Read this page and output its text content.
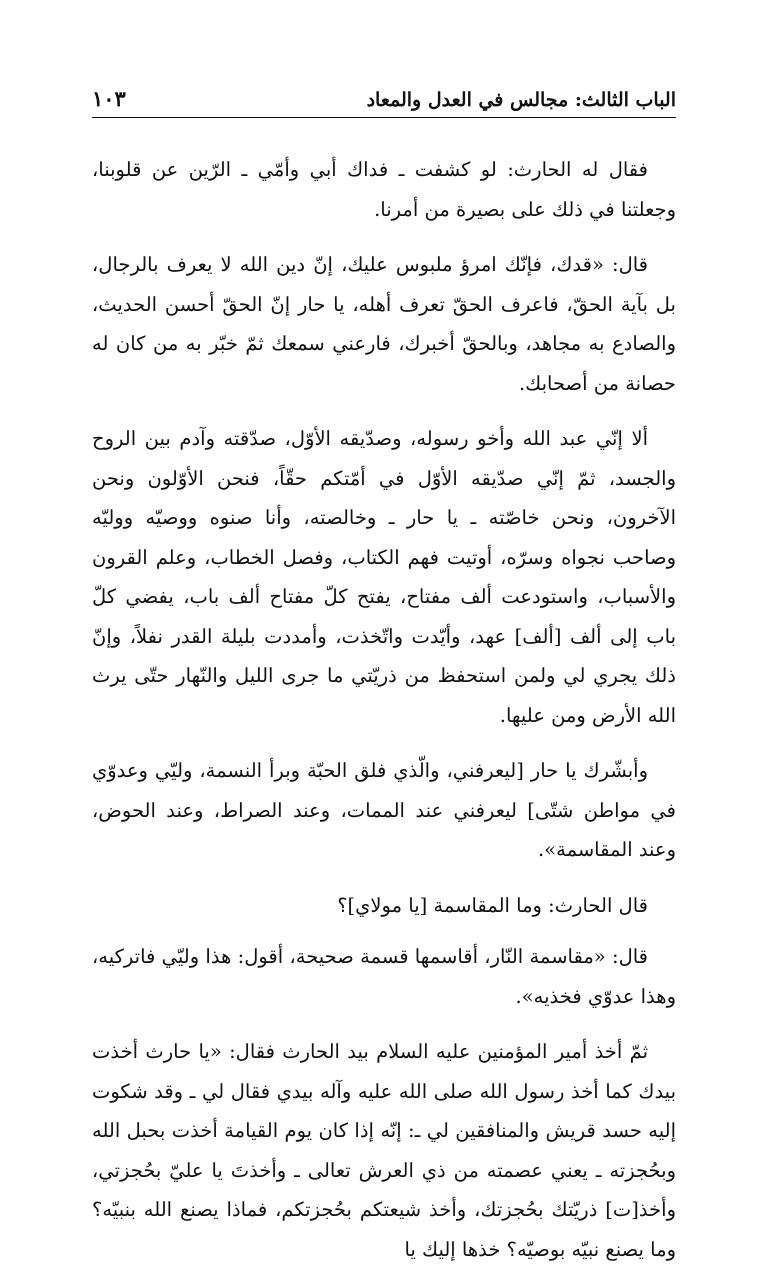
الباب الثالث: مجالس في العدل والمعاد
١٠٣

فقال له الحارث: لو كشفت ـ فداك أبي وأمّي ـ الرّين عن قلوبنا، وجعلتنا في ذلك على بصيرة من أمرنا.

قال: «قدك، فإنّك امرؤ ملبوس عليك، إنّ دين الله لا يعرف بالرجال، بل بآية الحقّ، فاعرف الحقّ تعرف أهله، يا حار إنّ الحقّ أحسن الحديث، والصادع به مجاهد، وبالحقّ أخبرك، فارعني سمعك ثمّ خبّر به من كان له حصانة من أصحابك.

ألا إنّي عبد الله وأخو رسوله، وصدّيقه الأوّل، صدّقته وآدم بين الروح والجسد، ثمّ إنّي صدّيقه الأوّل في أمّتكم حقّاً، فنحن الأوّلون ونحن الآخرون، ونحن خاصّته ـ يا حار ـ وخالصته، وأنا صنوه ووصيّه ووليّه وصاحب نجواه وسرّه، أوتيت فهم الكتاب، وفصل الخطاب، وعلم القرون والأسباب، واستودعت ألف مفتاح، يفتح كلّ مفتاح ألف باب، يفضي كلّ باب إلى ألف [ألف] عهد، وأيّدت واتّخذت، وأمددت بليلة القدر نفلاً، وإنّ ذلك يجري لي ولمن استحفظ من ذريّتي ما جرى الليل والنّهار حتّى يرث الله الأرض ومن عليها.

وأبشّرك يا حار [ليعرفني، والّذي فلق الحبّة وبرأ النسمة، وليّي وعدوّي في مواطن شتّى] ليعرفني عند الممات، وعند الصراط، وعند الحوض، وعند المقاسمة».

قال الحارث: وما المقاسمة [يا مولاي]؟

قال: «مقاسمة النّار، أقاسمها قسمة صحيحة، أقول: هذا وليّي فاتركيه، وهذا عدوّي فخذيه».

ثمّ أخذ أمير المؤمنين عليه السلام بيد الحارث فقال: «يا حارث أخذت بيدك كما أخذ رسول الله صلى الله عليه وآله بيدي فقال لي ـ وقد شكوت إليه حسد قريش والمنافقين لي ـ: إنّه إذا كان يوم القيامة أخذت بحبل الله وبحُجزته ـ يعني عصمته من ذي العرش تعالى ـ وأخذتَ يا عليّ بحُجزتي، وأخذ[ت] ذريّتك بحُجزتك، وأخذ شيعتكم بحُجزتكم، فماذا يصنع الله بنبيّه؟ وما يصنع نبيّه بوصيّه؟ خذها إليك يا
